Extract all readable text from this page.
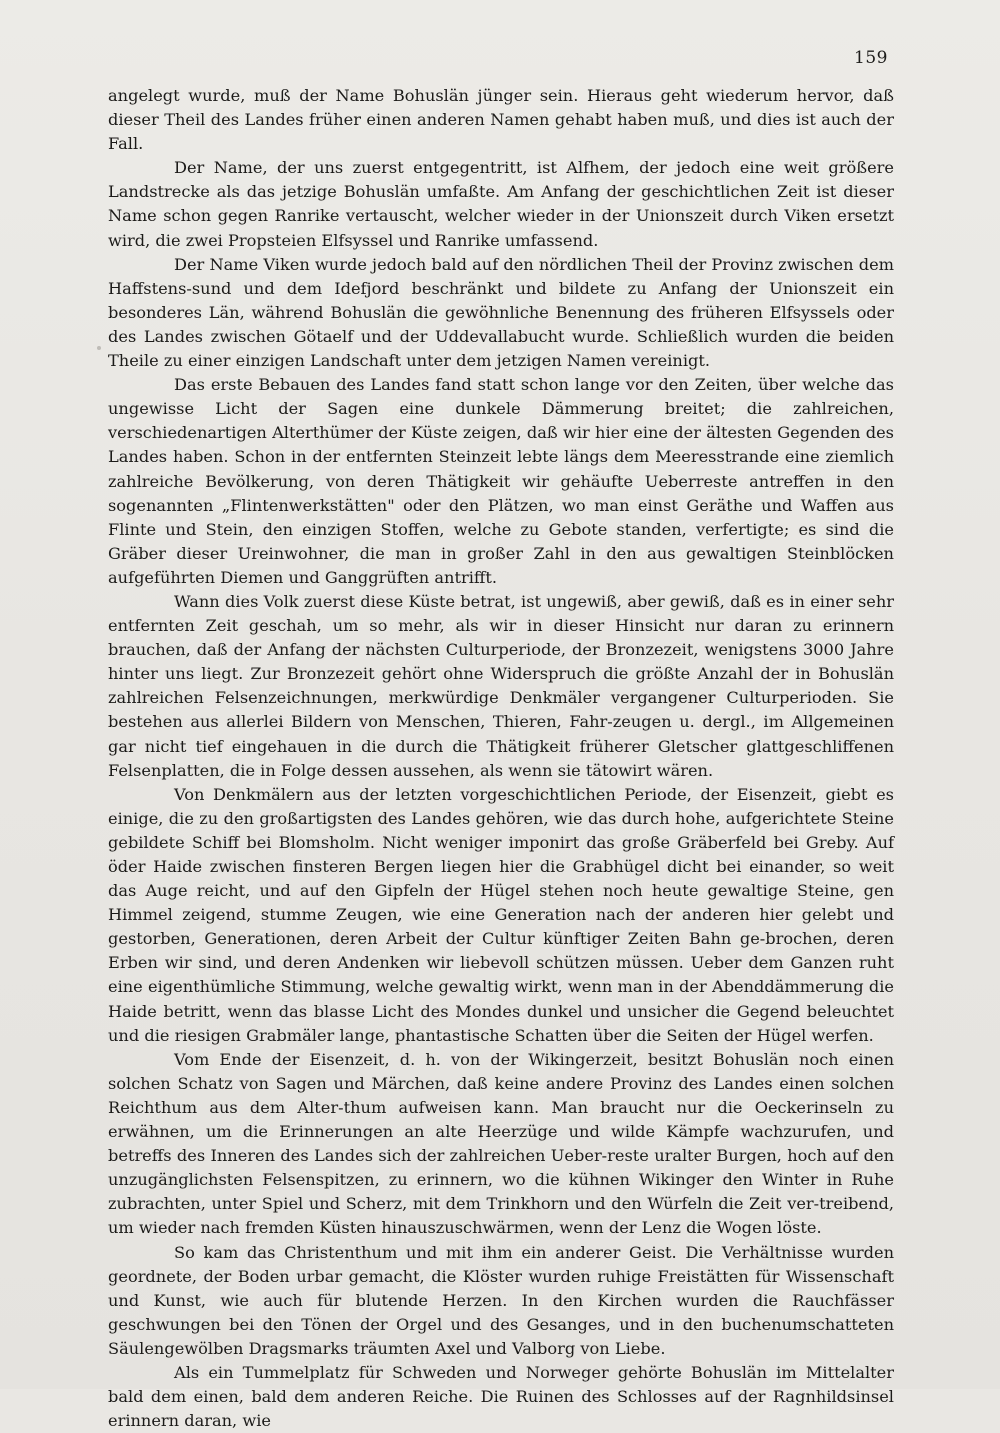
159

angelegt wurde, muß der Name Bohuslän jünger sein. Hieraus geht wiederum hervor, daß dieser Theil des Landes früher einen anderen Namen gehabt haben muß, und dies ist auch der Fall.

Der Name, der uns zuerst entgegentritt, ist Alfhem, der jedoch eine weit größere Landstrecke als das jetzige Bohuslän umfaßte. Am Anfang der geschichtlichen Zeit ist dieser Name schon gegen Ranrike vertauscht, welcher wieder in der Unionszeit durch Viken ersetzt wird, die zwei Propsteien Elfsyssel und Ranrike umfassend.

Der Name Viken wurde jedoch bald auf den nördlichen Theil der Provinz zwischen dem Haffstens-sund und dem Idefjord beschränkt und bildete zu Anfang der Unionszeit ein besonderes Län, während Bohuslän die gewöhnliche Benennung des früheren Elfsyssels oder des Landes zwischen Götaelf und der Uddevallabucht wurde. Schließlich wurden die beiden Theile zu einer einzigen Landschaft unter dem jetzigen Namen vereinigt.

Das erste Bebauen des Landes fand statt schon lange vor den Zeiten, über welche das ungewisse Licht der Sagen eine dunkele Dämmerung breitet; die zahlreichen, verschiedenartigen Alterthümer der Küste zeigen, daß wir hier eine der ältesten Gegenden des Landes haben. Schon in der entfernten Steinzeit lebte längs dem Meeresstrande eine ziemlich zahlreiche Bevölkerung, von deren Thätigkeit wir gehäufte Ueberreste antreffen in den sogenannten „Flintenwerkstätten" oder den Plätzen, wo man einst Geräthe und Waffen aus Flinte und Stein, den einzigen Stoffen, welche zu Gebote standen, verfertigte; es sind die Gräber dieser Ureinwohner, die man in großer Zahl in den aus gewaltigen Steinblöcken aufgeführten Diemen und Ganggrüften antrifft.

Wann dies Volk zuerst diese Küste betrat, ist ungewiß, aber gewiß, daß es in einer sehr entfernten Zeit geschah, um so mehr, als wir in dieser Hinsicht nur daran zu erinnern brauchen, daß der Anfang der nächsten Culturperiode, der Bronzezeit, wenigstens 3000 Jahre hinter uns liegt. Zur Bronzezeit gehört ohne Widerspruch die größte Anzahl der in Bohuslän zahlreichen Felsenzeichnungen, merkwürdige Denkmäler vergangener Culturperioden. Sie bestehen aus allerlei Bildern von Menschen, Thieren, Fahr-zeugen u. dergl., im Allgemeinen gar nicht tief eingehauen in die durch die Thätigkeit früherer Gletscher glattgeschliffenen Felsenplatten, die in Folge dessen aussehen, als wenn sie tätowirt wären.

Von Denkmälern aus der letzten vorgeschichtlichen Periode, der Eisenzeit, giebt es einige, die zu den großartigsten des Landes gehören, wie das durch hohe, aufgerichtete Steine gebildete Schiff bei Blomsholm. Nicht weniger imponirt das große Gräberfeld bei Greby. Auf öder Haide zwischen finsteren Bergen liegen hier die Grabhügel dicht bei einander, so weit das Auge reicht, und auf den Gipfeln der Hügel stehen noch heute gewaltige Steine, gen Himmel zeigend, stumme Zeugen, wie eine Generation nach der anderen hier gelebt und gestorben, Generationen, deren Arbeit der Cultur künftiger Zeiten Bahn ge-brochen, deren Erben wir sind, und deren Andenken wir liebevoll schützen müssen. Ueber dem Ganzen ruht eine eigenthümliche Stimmung, welche gewaltig wirkt, wenn man in der Abenddämmerung die Haide betritt, wenn das blasse Licht des Mondes dunkel und unsicher die Gegend beleuchtet und die riesigen Grabmäler lange, phantastische Schatten über die Seiten der Hügel werfen.

Vom Ende der Eisenzeit, d. h. von der Wikingerzeit, besitzt Bohuslän noch einen solchen Schatz von Sagen und Märchen, daß keine andere Provinz des Landes einen solchen Reichthum aus dem Alter-thum aufweisen kann. Man braucht nur die Oeckerinseln zu erwähnen, um die Erinnerungen an alte Heerzüge und wilde Kämpfe wachzurufen, und betreffs des Inneren des Landes sich der zahlreichen Ueber-reste uralter Burgen, hoch auf den unzugänglichsten Felsenspitzen, zu erinnern, wo die kühnen Wikinger den Winter in Ruhe zubrachten, unter Spiel und Scherz, mit dem Trinkhorn und den Würfeln die Zeit ver-treibend, um wieder nach fremden Küsten hinauszuschwärmen, wenn der Lenz die Wogen löste.

So kam das Christenthum und mit ihm ein anderer Geist. Die Verhältnisse wurden geordnete, der Boden urbar gemacht, die Klöster wurden ruhige Freistätten für Wissenschaft und Kunst, wie auch für blutende Herzen. In den Kirchen wurden die Rauchfässer geschwungen bei den Tönen der Orgel und des Gesanges, und in den buchenumschatteten Säulengewölben Dragsmarks träumten Axel und Valborg von Liebe.

Als ein Tummelplatz für Schweden und Norweger gehörte Bohuslän im Mittelalter bald dem einen, bald dem anderen Reiche. Die Ruinen des Schlosses auf der Ragnhildsinsel erinnern daran, wie
